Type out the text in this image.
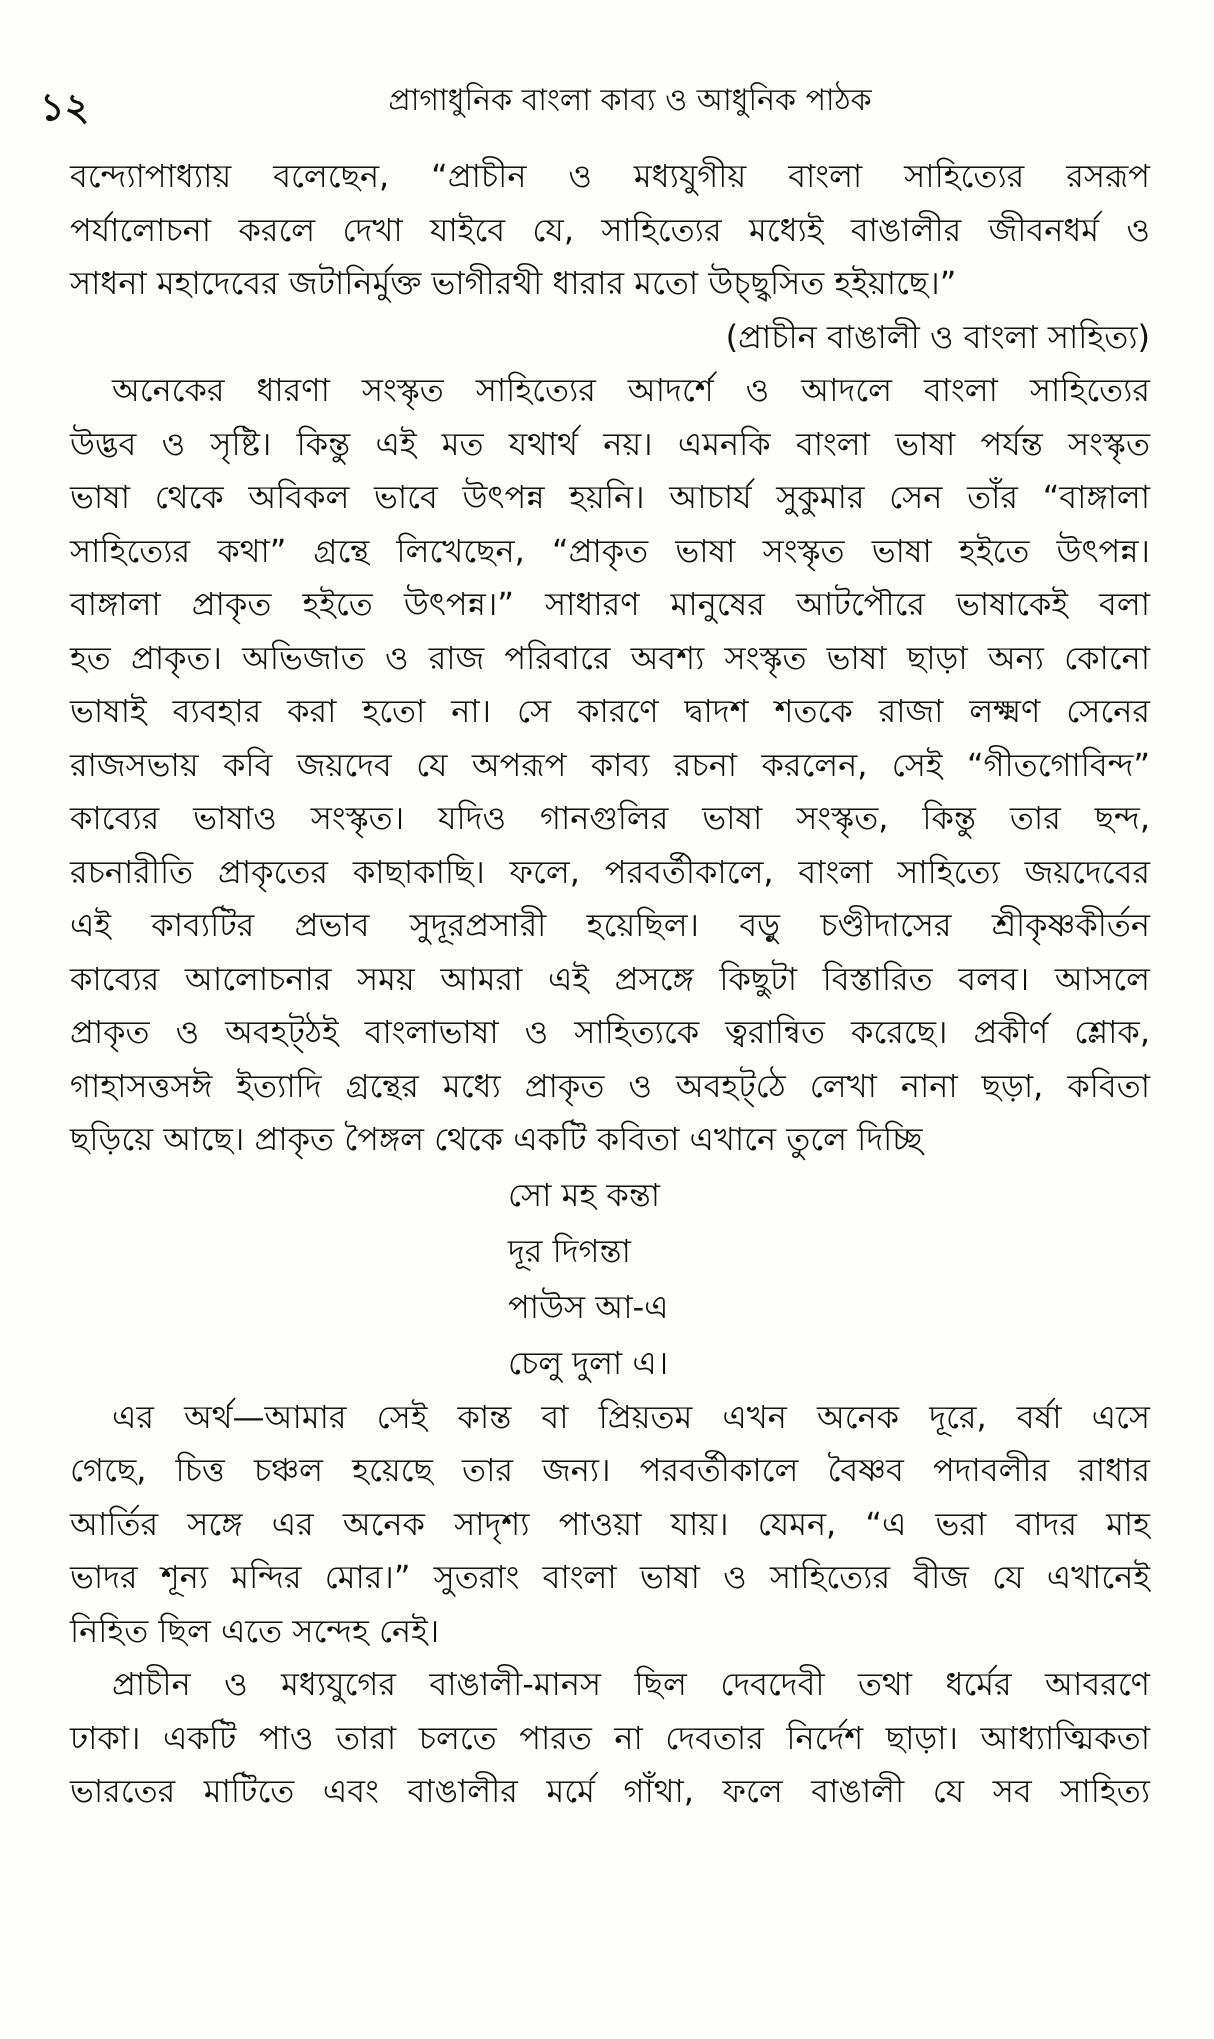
১২	প্রাগাধুনিক বাংলা কাব্য ও আধুনিক পাঠক
বন্দ্যোপাধ্যায় বলেছেন, “প্রাচীন ও মধ্যযুগীয় বাংলা সাহিত্যের রসরূপ
পর্যালোচনা করলে দেখা যাইবে যে, সাহিত্যের মধ্যেই বাঙালীর জীবনধর্ম ও
সাধনা মহাদেবের জটানির্মুক্ত ভাগীরথী ধারার মতো উচ্ছ্বসিত হইয়াছে।”
(প্রাচীন বাঙালী ও বাংলা সাহিত্য)
অনেকের ধারণা সংস্কৃত সাহিত্যের আদর্শে ও আদলে বাংলা সাহিত্যের
উদ্ভব ও সৃষ্টি। কিন্তু এই মত যথার্থ নয়। এমনকি বাংলা ভাষা পর্যন্ত সংস্কৃত
ভাষা থেকে অবিকল ভাবে উৎপন্ন হয়নি। আচার্য সুকুমার সেন তাঁর “বাঙ্গালা
সাহিত্যের কথা” গ্রন্থে লিখেছেন, “প্রাকৃত ভাষা সংস্কৃত ভাষা হইতে উৎপন্ন।
বাঙ্গালা প্রাকৃত হইতে উৎপন্ন।” সাধারণ মানুষের আটপৌরে ভাষাকেই বলা
হত প্রাকৃত। অভিজাত ও রাজ পরিবারে অবশ্য সংস্কৃত ভাষা ছাড়া অন্য কোনো
ভাষাই ব্যবহার করা হতো না। সে কারণে দ্বাদশ শতকে রাজা লক্ষ্মণ সেনের
রাজসভায় কবি জয়দেব যে অপরূপ কাব্য রচনা করলেন, সেই “গীতগোবিন্দ”
কাব্যের ভাষাও সংস্কৃত। যদিও গানগুলির ভাষা সংস্কৃত, কিন্তু তার ছন্দ,
রচনারীতি প্রাকৃতের কাছাকাছি। ফলে, পরবর্তীকালে, বাংলা সাহিত্যে জয়দেবের
এই কাব্যটির প্রভাব সুদূরপ্রসারী হয়েছিল। বড়ু চণ্ডীদাসের শ্রীকৃষ্ণকীর্তন
কাব্যের আলোচনার সময় আমরা এই প্রসঙ্গে কিছুটা বিস্তারিত বলব। আসলে
প্রাকৃত ও অবহট্‌ঠই বাংলাভাষা ও সাহিত্যকে ত্বরান্বিত করেছে। প্রকীর্ণ শ্লোক,
গাহাসত্তসঈ ইত্যাদি গ্রন্থের মধ্যে প্রাকৃত ও অবহট্‌ঠে লেখা নানা ছড়া, কবিতা
ছড়িয়ে আছে। প্রাকৃত পৈঙ্গল থেকে একটি কবিতা এখানে তুলে দিচ্ছি
সো মহ কন্তা
দূর দিগন্তা
পাউস আ-এ
চেলু দুলা এ।
এর অর্থ—আমার সেই কান্ত বা প্রিয়তম এখন অনেক দূরে, বর্ষা এসে
গেছে, চিত্ত চঞ্চল হয়েছে তার জন্য। পরবর্তীকালে বৈষ্ণব পদাবলীর রাধার
আর্তির সঙ্গে এর অনেক সাদৃশ্য পাওয়া যায়। যেমন, “এ ভরা বাদর মাহ
ভাদর শূন্য মন্দির মোর।” সুতরাং বাংলা ভাষা ও সাহিত্যের বীজ যে এখানেই
নিহিত ছিল এতে সন্দেহ নেই।
প্রাচীন ও মধ্যযুগের বাঙালী-মানস ছিল দেবদেবী তথা ধর্মের আবরণে
ঢাকা। একটি পাও তারা চলতে পারত না দেবতার নির্দেশ ছাড়া। আধ্যাত্মিকতা
ভারতের মাটিতে এবং বাঙালীর মর্মে গাঁথা, ফলে বাঙালী যে সব সাহিত্য
